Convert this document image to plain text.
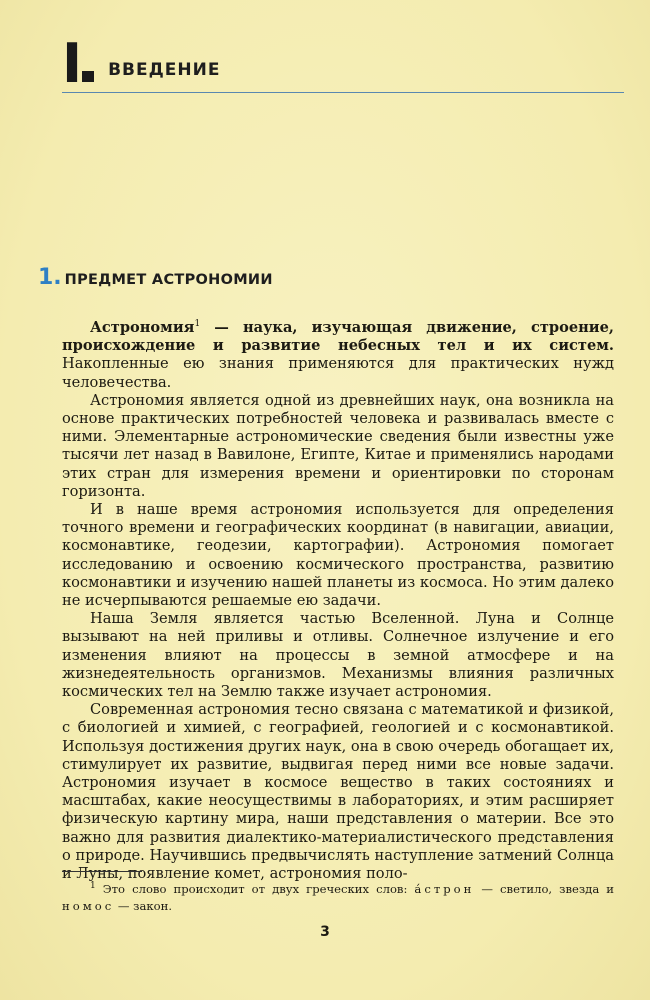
I ВВЕДЕНИЕ
1. ПРЕДМЕТ АСТРОНОМИИ

Астрономия$^1$ — наука, изучающая движение, строение, происхождение и развитие небесных тел и их систем. Накопленные ею знания применяются для практических нужд человечества.

Астрономия является одной из древнейших наук, она возникла на основе практических потребностей человека и развивалась вместе с ними. Элементарные астрономические сведения были известны уже тысячи лет назад в Вавилоне, Египте, Китае и применялись народами этих стран для измерения времени и ориентировки по сторонам горизонта.

И в наше время астрономия используется для определения точного времени и географических координат (в навигации, авиации, космонавтике, геодезии, картографии). Астрономия помогает исследованию и освоению космического пространства, развитию космонавтики и изучению нашей планеты из космоса. Но этим далеко не исчерпываются решаемые ею задачи.

Наша Земля является частью Вселенной. Луна и Солнце вызывают на ней приливы и отливы. Солнечное излучение и его изменения влияют на процессы в земной атмосфере и на жизнедеятельность организмов. Механизмы влияния различных космических тел на Землю также изучает астрономия.

Современная астрономия тесно связана с математикой и физикой, с биологией и химией, с географией, геологией и с космонавтикой. Используя достижения других наук, она в свою очередь обогащает их, стимулирует их развитие, выдвигая перед ними все новые задачи. Астрономия изучает в космосе вещество в таких состояниях и масштабах, какие неосуществимы в лабораториях, и этим расширяет физическую картину мира, наши представления о материи. Все это важно для развития диалектико-материалистического представления о природе. Научившись предвычислять наступление затмений Солнца и Луны, появление комет, астрономия поло-

$^1$ Это слово происходит от двух греческих слов: áстрон — светило, звезда и номос — закон.
3
